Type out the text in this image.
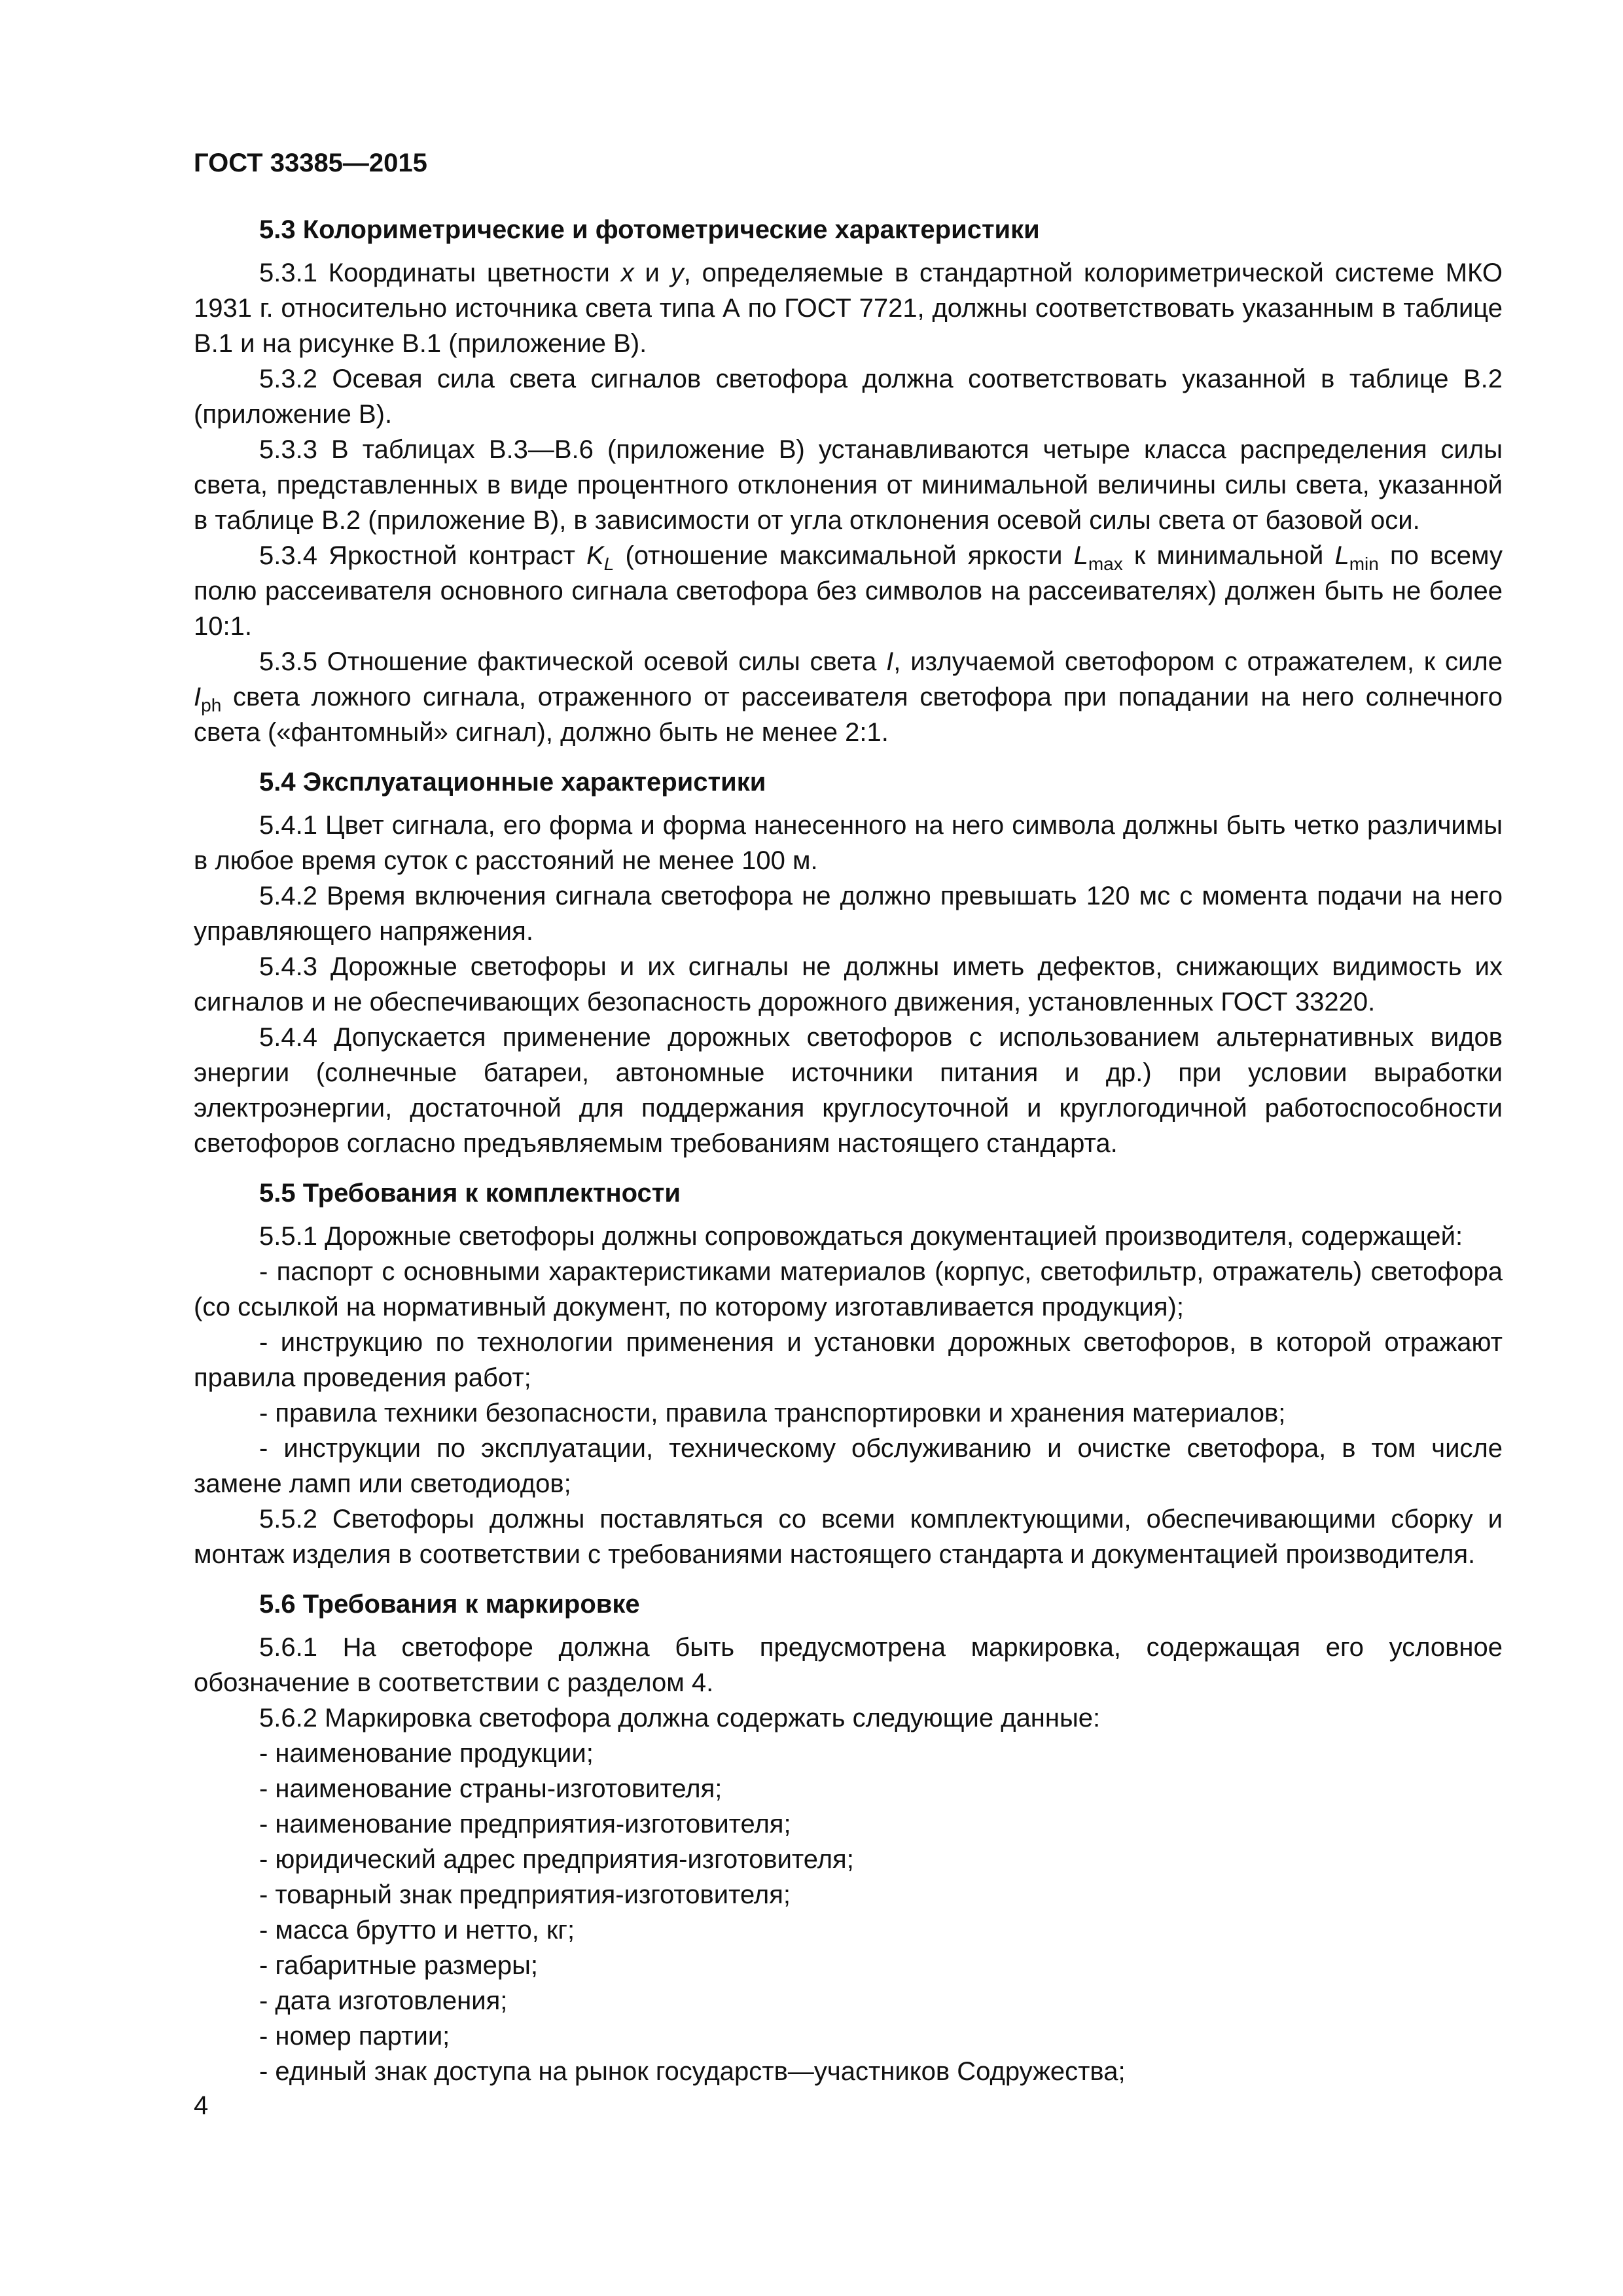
ГОСТ 33385—2015
5.3 Колориметрические и фотометрические характеристики

5.3.1 Координаты цветности x и y, определяемые в стандартной колориметрической системе МКО 1931 г. относительно источника света типа А по ГОСТ 7721, должны соответствовать указанным в таблице В.1 и на рисунке В.1 (приложение В).

5.3.2 Осевая сила света сигналов светофора должна соответствовать указанной в таблице В.2 (приложение В).

5.3.3 В таблицах В.3—В.6 (приложение В) устанавливаются четыре класса распределения силы света, представленных в виде процентного отклонения от минимальной величины силы света, указанной в таблице В.2 (приложение В), в зависимости от угла отклонения осевой силы света от базовой оси.

5.3.4 Яркостной контраст $K_L$ (отношение максимальной яркости $L_{max}$ к минимальной $L_{min}$ по всему полю рассеивателя основного сигнала светофора без символов на рассеивателях) должен быть не более 10:1.

5.3.5 Отношение фактической осевой силы света I, излучаемой светофором с отражателем, к силе $I_{ph}$ света ложного сигнала, отраженного от рассеивателя светофора при попадании на него солнечного света («фантомный» сигнал), должно быть не менее 2:1.

5.4 Эксплуатационные характеристики

5.4.1 Цвет сигнала, его форма и форма нанесенного на него символа должны быть четко различимы в любое время суток с расстояний не менее 100 м.

5.4.2 Время включения сигнала светофора не должно превышать 120 мс с момента подачи на него управляющего напряжения.

5.4.3 Дорожные светофоры и их сигналы не должны иметь дефектов, снижающих видимость их сигналов и не обеспечивающих безопасность дорожного движения, установленных ГОСТ 33220.

5.4.4 Допускается применение дорожных светофоров с использованием альтернативных видов энергии (солнечные батареи, автономные источники питания и др.) при условии выработки электроэнергии, достаточной для поддержания круглосуточной и круглогодичной работоспособности светофоров согласно предъявляемым требованиям настоящего стандарта.

5.5 Требования к комплектности

5.5.1 Дорожные светофоры должны сопровождаться документацией производителя, содержащей:

- паспорт с основными характеристиками материалов (корпус, светофильтр, отражатель) светофора (со ссылкой на нормативный документ, по которому изготавливается продукция);

- инструкцию по технологии применения и установки дорожных светофоров, в которой отражают правила проведения работ;

- правила техники безопасности, правила транспортировки и хранения материалов;

- инструкции по эксплуатации, техническому обслуживанию и очистке светофора, в том числе замене ламп или светодиодов;

5.5.2 Светофоры должны поставляться со всеми комплектующими, обеспечивающими сборку и монтаж изделия в соответствии с требованиями настоящего стандарта и документацией производителя.

5.6 Требования к маркировке

5.6.1 На светофоре должна быть предусмотрена маркировка, содержащая его условное обозначение в соответствии с разделом 4.

5.6.2 Маркировка светофора должна содержать следующие данные:

- наименование продукции;

- наименование страны-изготовителя;

- наименование предприятия-изготовителя;

- юридический адрес предприятия-изготовителя;

- товарный знак предприятия-изготовителя;

- масса брутто и нетто, кг;

- габаритные размеры;

- дата изготовления;

- номер партии;

- единый знак доступа на рынок государств—участников Содружества;

4
